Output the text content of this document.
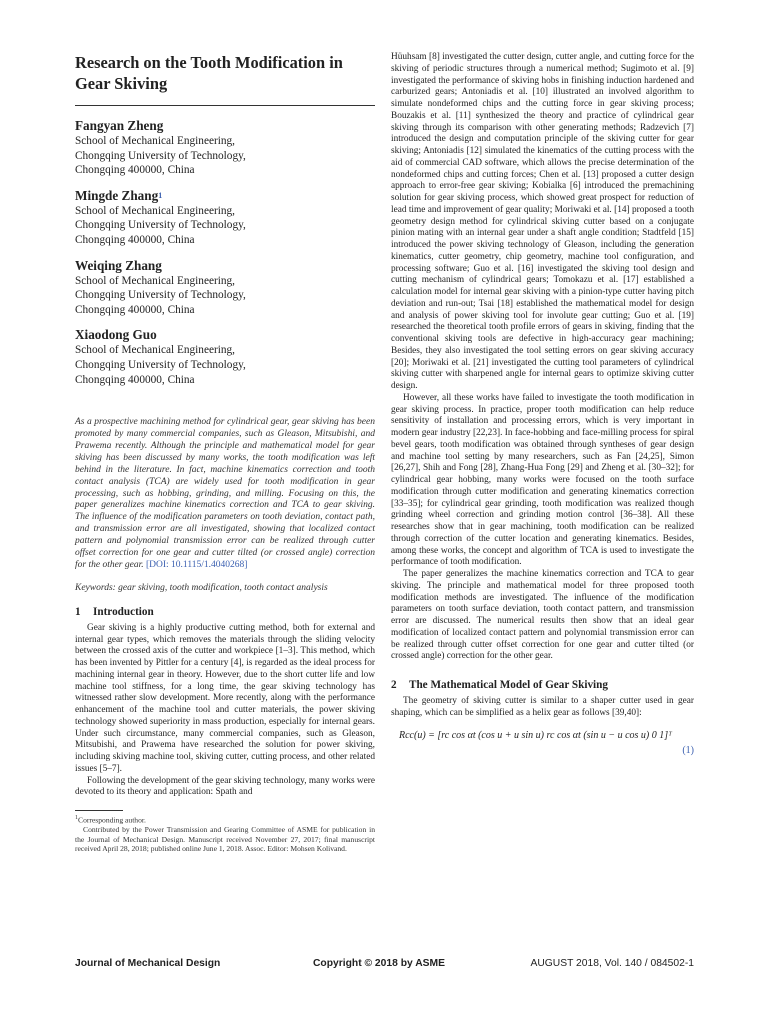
Research on the Tooth Modification in Gear Skiving
Fangyan Zheng
School of Mechanical Engineering,
Chongqing University of Technology,
Chongqing 400000, China
Mingde Zhang$^1$
School of Mechanical Engineering,
Chongqing University of Technology,
Chongqing 400000, China
Weiqing Zhang
School of Mechanical Engineering,
Chongqing University of Technology,
Chongqing 400000, China
Xiaodong Guo
School of Mechanical Engineering,
Chongqing University of Technology,
Chongqing 400000, China
As a prospective machining method for cylindrical gear, gear skiving has been promoted by many commercial companies, such as Gleason, Mitsubishi, and Prawema recently. Although the principle and mathematical model for gear skiving has been discussed by many works, the tooth modification was left behind in the literature. In fact, machine kinematics correction and tooth contact analysis (TCA) are widely used for tooth modification in gear processing, such as hobbing, grinding, and milling. Focusing on this, the paper generalizes machine kinematics correction and TCA to gear skiving. The influence of the modification parameters on tooth deviation, contact path, and transmission error are all investigated, showing that localized contact pattern and polynomial transmission error can be realized through cutter offset correction for one gear and cutter tilted (or crossed angle) correction for the other gear. [DOI: 10.1115/1.4040268]
Keywords: gear skiving, tooth modification, tooth contact analysis
1 Introduction

Gear skiving is a highly productive cutting method, both for external and internal gear types, which removes the materials through the sliding velocity between the crossed axis of the cutter and workpiece [1–3]. This method, which has been invented by Pittler for a century [4], is regarded as the ideal process for machining internal gear in theory. However, due to the short cutter life and low machine tool stiffness, for a long time, the gear skiving technology has witnessed rather slow development. More recently, along with the performance enhancement of the machine tool and cutter materials, the power skiving technology showed superiority in mass production, especially for internal gears. Under such circumstance, many commercial companies, such as Gleason, Mitsubishi, and Prawema have researched the solution for power skiving, including skiving machine tool, skiving cutter, cutting process, and other related issues [5–7].

Following the development of the gear skiving technology, many works were devoted to its theory and application: Spath and

$^1$Corresponding author.
Contributed by the Power Transmission and Gearing Committee of ASME for publication in the Journal of Mechanical Design. Manuscript received November 27, 2017; final manuscript received April 28, 2018; published online June 1, 2018. Assoc. Editor: Mohsen Kolivand.

Hüuhsam [8] investigated the cutter design, cutter angle, and cutting force for the skiving of periodic structures through a numerical method; Sugimoto et al. [9] investigated the performance of skiving hobs in finishing induction hardened and carburized gears; Antoniadis et al. [10] illustrated an involved algorithm to simulate nondeformed chips and the cutting force in gear skiving process; Bouzakis et al. [11] synthesized the theory and practice of cylindrical gear skiving through its comparison with other generating methods; Radzevich [7] introduced the design and computation principle of the skiving cutter for gear skiving; Antoniadis [12] simulated the kinematics of the cutting process with the aid of commercial CAD software, which allows the precise determination of the nondeformed chips and cutting forces; Chen et al. [13] proposed a cutter design approach to error-free gear skiving; Kobialka [6] introduced the premachining solution for gear skiving process, which showed great prospect for reduction of lead time and improvement of gear quality; Moriwaki et al. [14] proposed a tooth geometry design method for cylindrical skiving cutter based on a conjugate pinion mating with an internal gear under a shaft angle condition; Stadtfeld [15] introduced the power skiving technology of Gleason, including the generation kinematics, cutter geometry, chip geometry, machine tool configuration, and processing software; Guo et al. [16] investigated the skiving tool design and cutting mechanism of cylindrical gears; Tomokazu et al. [17] established a calculation model for internal gear skiving with a pinion-type cutter having pitch deviation and run-out; Tsai [18] established the mathematical model for design and analysis of power skiving tool for involute gear cutting; Guo et al. [19] researched the theoretical tooth profile errors of gears in skiving, finding that the conventional skiving tools are defective in high-accuracy gear machining; Besides, they also investigated the tool setting errors on gear skiving accuracy [20]; Moriwaki et al. [21] investigated the cutting tool parameters of cylindrical skiving cutter with sharpened angle for internal gears to optimize skiving cutter design.

However, all these works have failed to investigate the tooth modification in gear skiving process. In practice, proper tooth modification can help reduce sensitivity of installation and processing errors, which is very important in modern gear industry [22,23]. In face-hobbing and face-milling process for spiral bevel gears, tooth modification was obtained through syntheses of gear design and machine tool setting by many researchers, such as Fan [24,25], Simon [26,27], Shih and Fong [28], Zhang-Hua Fong [29] and Zheng et al. [30–32]; for cylindrical gear hobbing, many works were focused on the tooth surface modification through cutter modification and generating kinematics correction [33–35]; for cylindrical gear grinding, tooth modification was realized though grinding wheel correction and grinding motion control [36–38]. All these researches show that in gear machining, tooth modification can be realized through correction of the cutter location and generating kinematics. Besides, among these works, the concept and algorithm of TCA is used to investigate the performance of tooth modification.

The paper generalizes the machine kinematics correction and TCA to gear skiving. The principle and mathematical model for three proposed tooth modification methods are investigated. The influence of the modification parameters on tooth surface deviation, tooth contact pattern, and transmission error are discussed. The numerical results then show that an ideal gear modification of localized contact pattern and polynomial transmission error can be realized through cutter offset correction for one gear and cutter tilted (or crossed angle) correction for the other gear.

2 The Mathematical Model of Gear Skiving

The geometry of skiving cutter is similar to a shaper cutter used in gear shaping, which can be simplified as a helix gear as follows [39,40]:

Rcc(u) = [rc cos αt (cos u + u sin u) rc cos αt (sin u − u cos u) 0 1]ᵀ
(1)
Journal of Mechanical Design	Copyright © 2018 by ASME	AUGUST 2018, Vol. 140 / 084502-1
